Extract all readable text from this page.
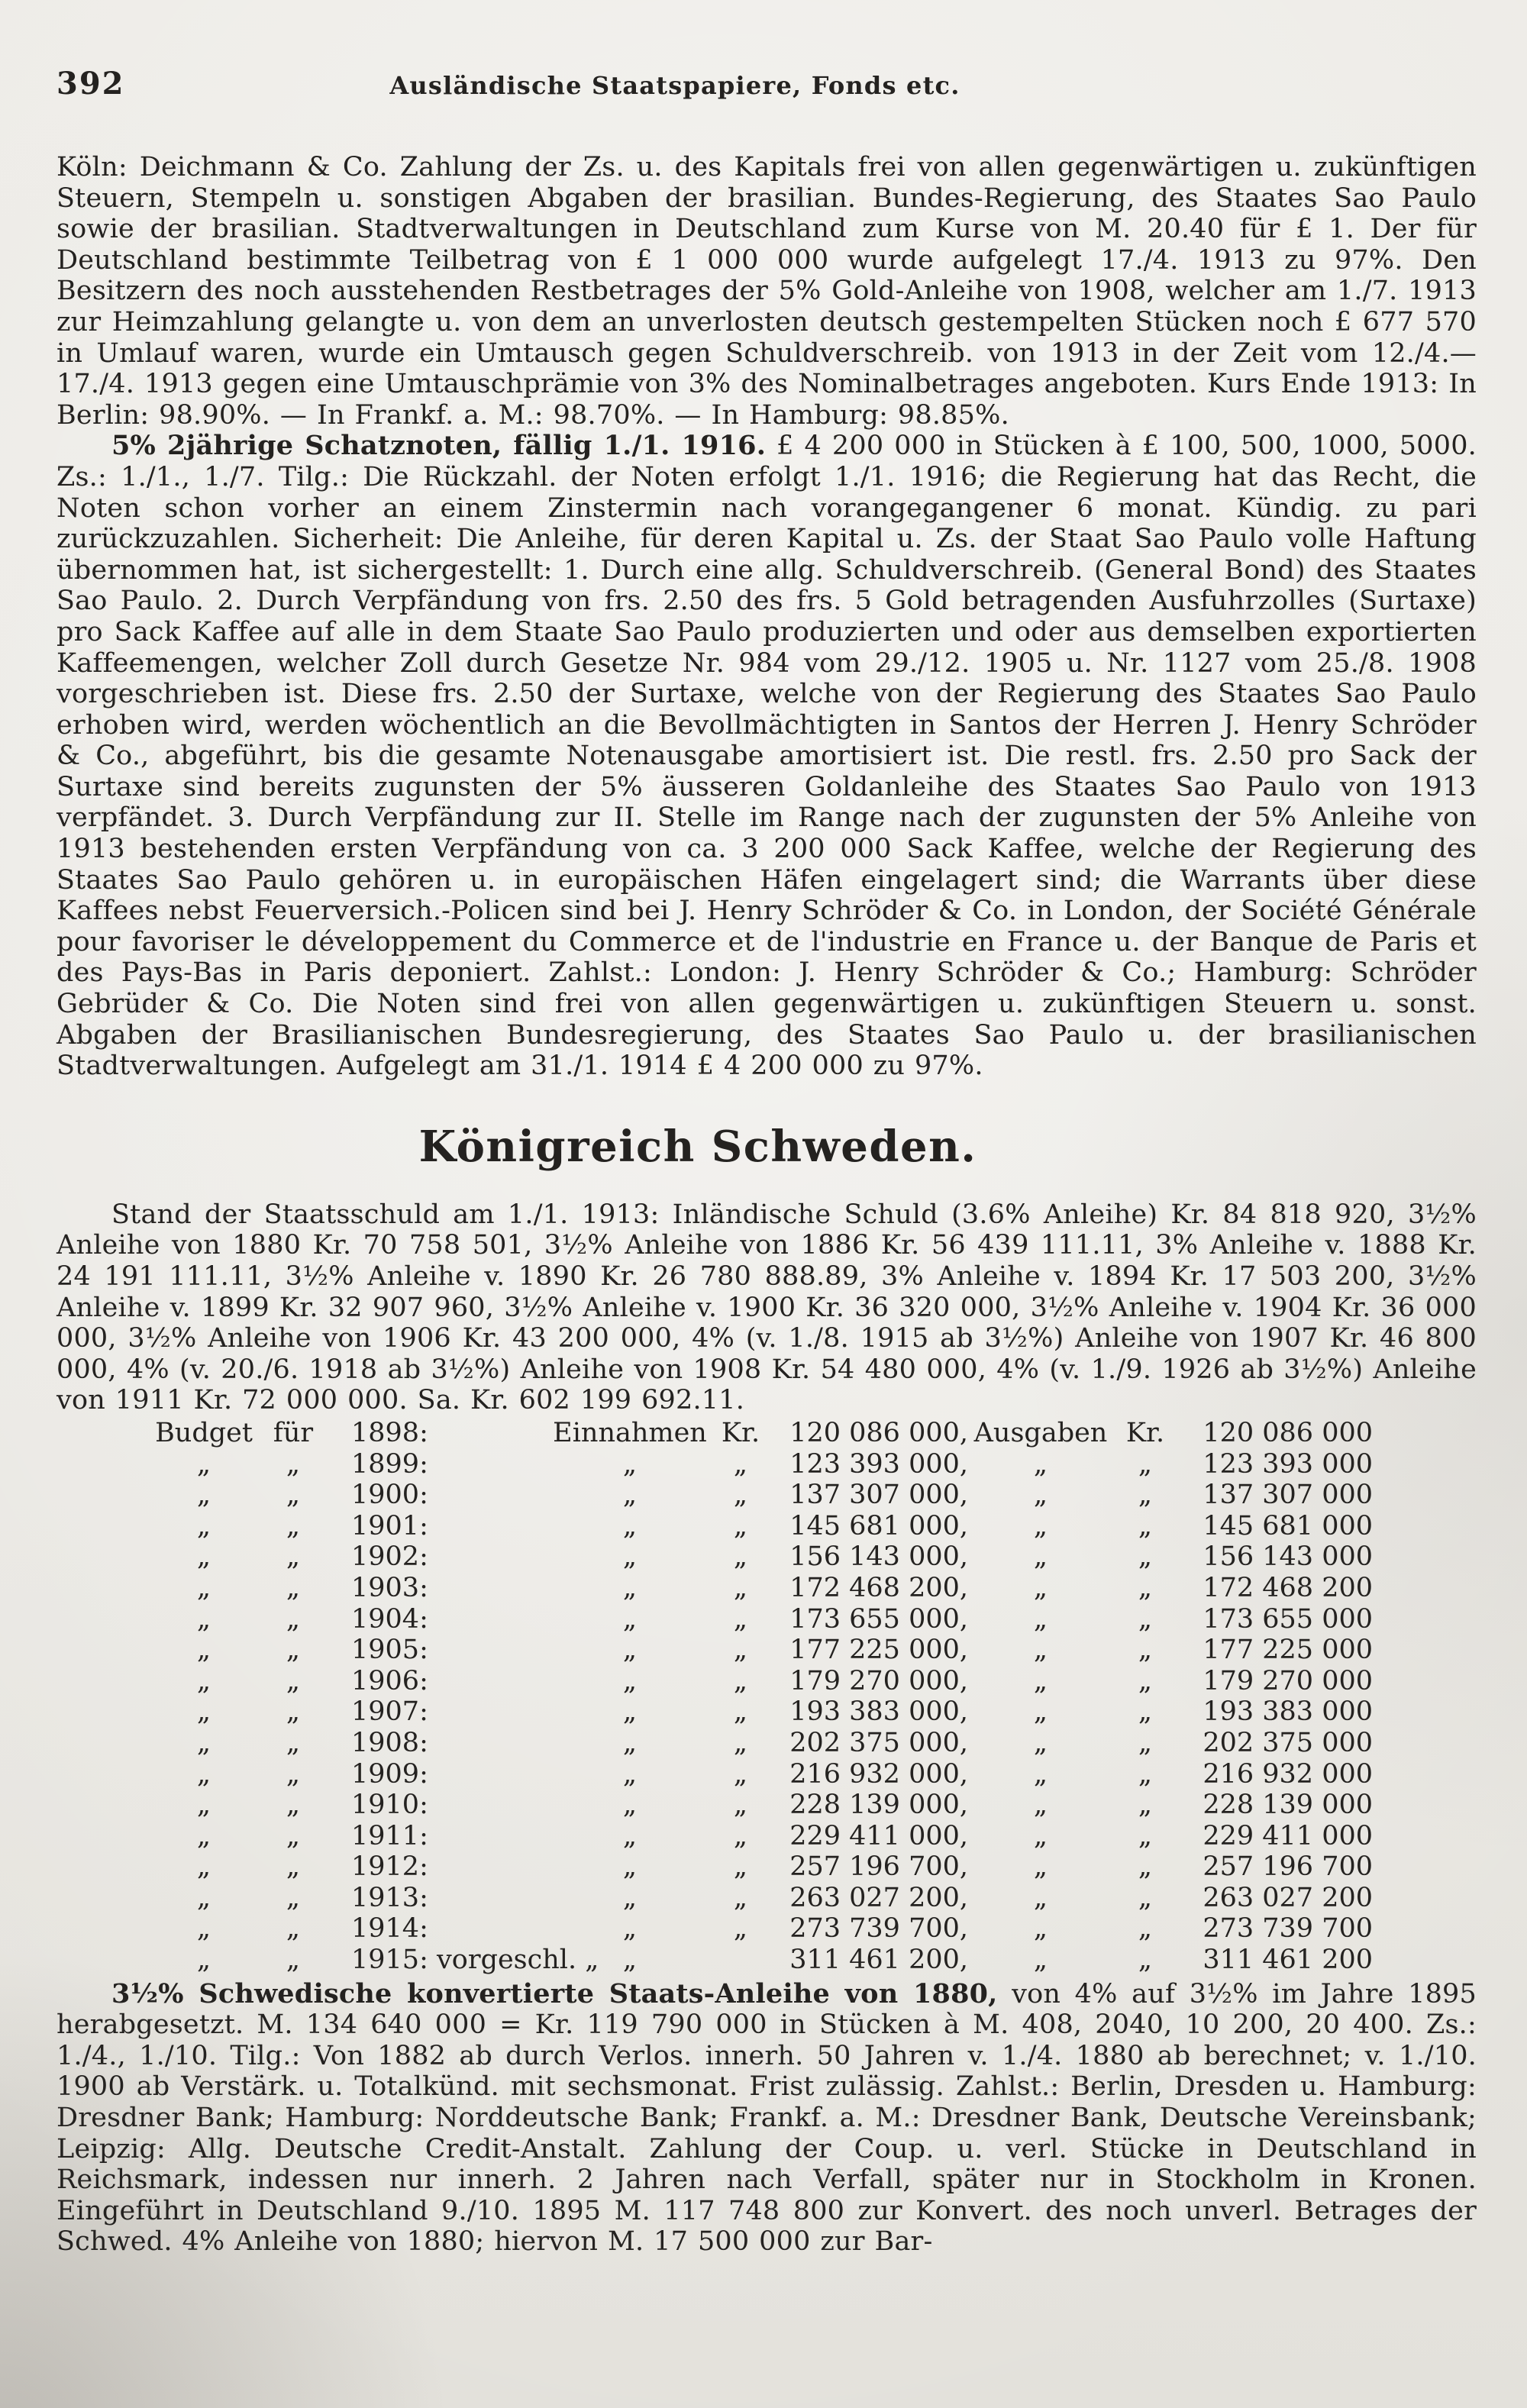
392	Ausländische Staatspapiere, Fonds etc.

Köln: Deichmann & Co. Zahlung der Zs. u. des Kapitals frei von allen gegenwärtigen u. zukünftigen Steuern, Stempeln u. sonstigen Abgaben der brasilian. Bundes-Regierung, des Staates Sao Paulo sowie der brasilian. Stadtverwaltungen in Deutschland zum Kurse von M. 20.40 für £ 1. Der für Deutschland bestimmte Teilbetrag von £ 1 000 000 wurde aufgelegt 17./4. 1913 zu 97%. Den Besitzern des noch ausstehenden Restbetrages der 5% Gold-Anleihe von 1908, welcher am 1./7. 1913 zur Heimzahlung gelangte u. von dem an unverlosten deutsch gestempelten Stücken noch £ 677 570 in Umlauf waren, wurde ein Umtausch gegen Schuldverschreib. von 1913 in der Zeit vom 12./4.—17./4. 1913 gegen eine Umtauschprämie von 3% des Nominalbetrages angeboten. Kurs Ende 1913: In Berlin: 98.90%. — In Frankf. a. M.: 98.70%. — In Hamburg: 98.85%.

5% 2jährige Schatznoten, fällig 1./1. 1916. £ 4 200 000 in Stücken à £ 100, 500, 1000, 5000. Zs.: 1./1., 1./7. Tilg.: Die Rückzahl. der Noten erfolgt 1./1. 1916; die Regierung hat das Recht, die Noten schon vorher an einem Zinstermin nach vorangegangener 6 monat. Kündig. zu pari zurückzuzahlen. Sicherheit: Die Anleihe, für deren Kapital u. Zs. der Staat Sao Paulo volle Haftung übernommen hat, ist sichergestellt: 1. Durch eine allg. Schuldverschreib. (General Bond) des Staates Sao Paulo. 2. Durch Verpfändung von frs. 2.50 des frs. 5 Gold betragenden Ausfuhrzolles (Surtaxe) pro Sack Kaffee auf alle in dem Staate Sao Paulo produzierten und oder aus demselben exportierten Kaffeemengen, welcher Zoll durch Gesetze Nr. 984 vom 29./12. 1905 u. Nr. 1127 vom 25./8. 1908 vorgeschrieben ist. Diese frs. 2.50 der Surtaxe, welche von der Regierung des Staates Sao Paulo erhoben wird, werden wöchentlich an die Bevollmächtigten in Santos der Herren J. Henry Schröder & Co., abgeführt, bis die gesamte Notenausgabe amortisiert ist. Die restl. frs. 2.50 pro Sack der Surtaxe sind bereits zugunsten der 5% äusseren Goldanleihe des Staates Sao Paulo von 1913 verpfändet. 3. Durch Verpfändung zur II. Stelle im Range nach der zugunsten der 5% Anleihe von 1913 bestehenden ersten Verpfändung von ca. 3 200 000 Sack Kaffee, welche der Regierung des Staates Sao Paulo gehören u. in europäischen Häfen eingelagert sind; die Warrants über diese Kaffees nebst Feuerversich.-Policen sind bei J. Henry Schröder & Co. in London, der Société Générale pour favoriser le développement du Commerce et de l'industrie en France u. der Banque de Paris et des Pays-Bas in Paris deponiert. Zahlst.: London: J. Henry Schröder & Co.; Hamburg: Schröder Gebrüder & Co. Die Noten sind frei von allen gegenwärtigen u. zukünftigen Steuern u. sonst. Abgaben der Brasilianischen Bundesregierung, des Staates Sao Paulo u. der brasilianischen Stadtverwaltungen. Aufgelegt am 31./1. 1914 £ 4 200 000 zu 97%.

Königreich Schweden.

Stand der Staatsschuld am 1./1. 1913: Inländische Schuld (3.6% Anleihe) Kr. 84 818 920, 3½% Anleihe von 1880 Kr. 70 758 501, 3½% Anleihe von 1886 Kr. 56 439 111.11, 3% Anleihe v. 1888 Kr. 24 191 111.11, 3½% Anleihe v. 1890 Kr. 26 780 888.89, 3% Anleihe v. 1894 Kr. 17 503 200, 3½% Anleihe v. 1899 Kr. 32 907 960, 3½% Anleihe v. 1900 Kr. 36 320 000, 3½% Anleihe v. 1904 Kr. 36 000 000, 3½% Anleihe von 1906 Kr. 43 200 000, 4% (v. 1./8. 1915 ab 3½%) Anleihe von 1907 Kr. 46 800 000, 4% (v. 20./6. 1918 ab 3½%) Anleihe von 1908 Kr. 54 480 000, 4% (v. 1./9. 1926 ab 3½%) Anleihe von 1911 Kr. 72 000 000. Sa. Kr. 602 199 692.11.

Budget für	1898:	Einnahmen Kr.	120 086 000, Ausgaben Kr.	120 086 000
„	„	1899:	„	„	123 393 000,	„	„	123 393 000
„	„	1900:	„	„	137 307 000,	„	„	137 307 000
„	„	1901:	„	„	145 681 000,	„	„	145 681 000
„	„	1902:	„	„	156 143 000,	„	„	156 143 000
„	„	1903:	„	„	172 468 200,	„	„	172 468 200
„	„	1904:	„	„	173 655 000,	„	„	173 655 000
„	„	1905:	„	„	177 225 000,	„	„	177 225 000
„	„	1906:	„	„	179 270 000,	„	„	179 270 000
„	„	1907:	„	„	193 383 000,	„	„	193 383 000
„	„	1908:	„	„	202 375 000,	„	„	202 375 000
„	„	1909:	„	„	216 932 000,	„	„	216 932 000
„	„	1910:	„	„	228 139 000,	„	„	228 139 000
„	„	1911:	„	„	229 411 000,	„	„	229 411 000
„	„	1912:	„	„	257 196 700,	„	„	257 196 700
„	„	1913:	„	„	263 027 200,	„	„	263 027 200
„	„	1914:	„	„	273 739 700,	„	„	273 739 700
„	„	1915: vorgeschl. „ „	311 461 200,	„	„	311 461 200

3½% Schwedische konvertierte Staats-Anleihe von 1880, von 4% auf 3½% im Jahre 1895 herabgesetzt. M. 134 640 000 = Kr. 119 790 000 in Stücken à M. 408, 2040, 10 200, 20 400. Zs.: 1./4., 1./10. Tilg.: Von 1882 ab durch Verlos. innerh. 50 Jahren v. 1./4. 1880 ab berechnet; v. 1./10. 1900 ab Verstärk. u. Totalkünd. mit sechsmonat. Frist zulässig. Zahlst.: Berlin, Dresden u. Hamburg: Dresdner Bank; Hamburg: Norddeutsche Bank; Frankf. a. M.: Dresdner Bank, Deutsche Vereinsbank; Leipzig: Allg. Deutsche Credit-Anstalt. Zahlung der Coup. u. verl. Stücke in Deutschland in Reichsmark, indessen nur innerh. 2 Jahren nach Verfall, später nur in Stockholm in Kronen. Eingeführt in Deutschland 9./10. 1895 M. 117 748 800 zur Konvert. des noch unverl. Betrages der Schwed. 4% Anleihe von 1880; hiervon M. 17 500 000 zur Bar-
